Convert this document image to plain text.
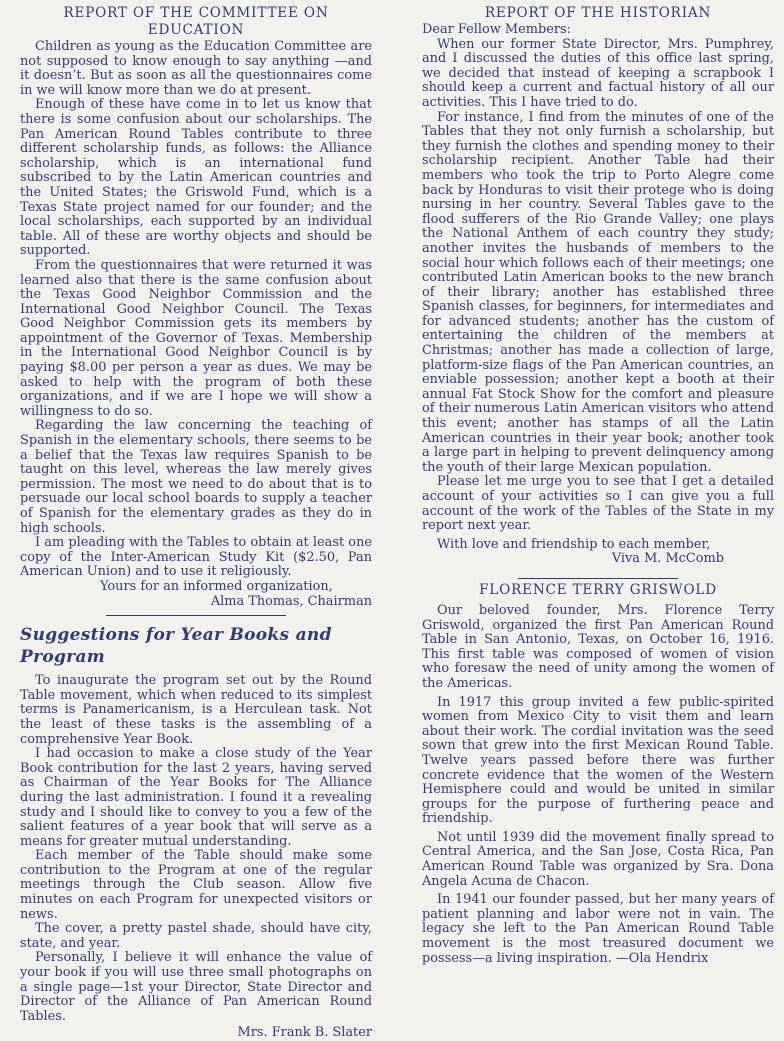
REPORT OF THE COMMITTEE ON
EDUCATION

Children as young as the Education Committee are not supposed to know enough to say anything —and it doesn’t. But as soon as all the questionnaires come in we will know more than we do at present.

Enough of these have come in to let us know that there is some confusion about our scholarships. The Pan American Round Tables contribute to three different scholarship funds, as follows: the Alliance scholarship, which is an international fund subscribed to by the Latin American countries and the United States; the Griswold Fund, which is a Texas State project named for our founder; and the local scholarships, each supported by an individual table. All of these are worthy objects and should be supported.

From the questionnaires that were returned it was learned also that there is the same confusion about the Texas Good Neighbor Commission and the International Good Neighbor Council. The Texas Good Neighbor Commission gets its members by appointment of the Governor of Texas. Membership in the International Good Neighbor Council is by paying $8.00 per person a year as dues. We may be asked to help with the program of both these organizations, and if we are I hope we will show a willingness to do so.

Regarding the law concerning the teaching of Spanish in the elementary schools, there seems to be a belief that the Texas law requires Spanish to be taught on this level, whereas the law merely gives permission. The most we need to do about that is to persuade our local school boards to supply a teacher of Spanish for the elementary grades as they do in high schools.

I am pleading with the Tables to obtain at least one copy of the Inter-American Study Kit ($2.50, Pan American Union) and to use it religiously.

Yours for an informed organization,

Alma Thomas, Chairman

Suggestions for Year Books and Program

To inaugurate the program set out by the Round Table movement, which when reduced to its simplest terms is Panamericanism, is a Herculean task. Not the least of these tasks is the assembling of a comprehensive Year Book.

I had occasion to make a close study of the Year Book contribution for the last 2 years, having served as Chairman of the Year Books for The Alliance during the last administration. I found it a revealing study and I should like to convey to you a few of the salient features of a year book that will serve as a means for greater mutual understanding.

Each member of the Table should make some contribution to the Program at one of the regular meetings through the Club season. Allow five minutes on each Program for unexpected visitors or news.

The cover, a pretty pastel shade, should have city, state, and year.

Personally, I believe it will enhance the value of your book if you will use three small photographs on a single page—1st your Director, State Director and Director of the Alliance of Pan American Round Tables.

Mrs. Frank B. Slater

REPORT OF THE HISTORIAN

Dear Fellow Members:

When our former State Director, Mrs. Pumphrey, and I discussed the duties of this office last spring, we decided that instead of keeping a scrapbook I should keep a current and factual history of all our activities. This I have tried to do.

For instance, I find from the minutes of one of the Tables that they not only furnish a scholarship, but they furnish the clothes and spending money to their scholarship recipient. Another Table had their members who took the trip to Porto Alegre come back by Honduras to visit their protege who is doing nursing in her country. Several Tables gave to the flood sufferers of the Rio Grande Valley; one plays the National Anthem of each country they study; another invites the husbands of members to the social hour which follows each of their meetings; one contributed Latin American books to the new branch of their library; another has established three Spanish classes, for beginners, for intermediates and for advanced students; another has the custom of entertaining the children of the members at Christmas; another has made a collection of large, platform-size flags of the Pan American countries, an enviable possession; another kept a booth at their annual Fat Stock Show for the comfort and pleasure of their numerous Latin American visitors who attend this event; another has stamps of all the Latin American countries in their year book; another took a large part in helping to prevent delinquency among the youth of their large Mexican population.

Please let me urge you to see that I get a detailed account of your activities so I can give you a full account of the work of the Tables of the State in my report next year.

With love and friendship to each member,

Viva M. McComb

FLORENCE TERRY GRISWOLD

Our beloved founder, Mrs. Florence Terry Griswold, organized the first Pan American Round Table in San Antonio, Texas, on October 16, 1916. This first table was composed of women of vision who foresaw the need of unity among the women of the Americas.

In 1917 this group invited a few public-spirited women from Mexico City to visit them and learn about their work. The cordial invitation was the seed sown that grew into the first Mexican Round Table. Twelve years passed before there was further concrete evidence that the women of the Western Hemisphere could and would be united in similar groups for the purpose of furthering peace and friendship.

Not until 1939 did the movement finally spread to Central America, and the San Jose, Costa Rica, Pan American Round Table was organized by Sra. Dona Angela Acuna de Chacon.

In 1941 our founder passed, but her many years of patient planning and labor were not in vain. The legacy she left to the Pan American Round Table movement is the most treasured document we possess—a living inspiration. —Ola Hendrix
